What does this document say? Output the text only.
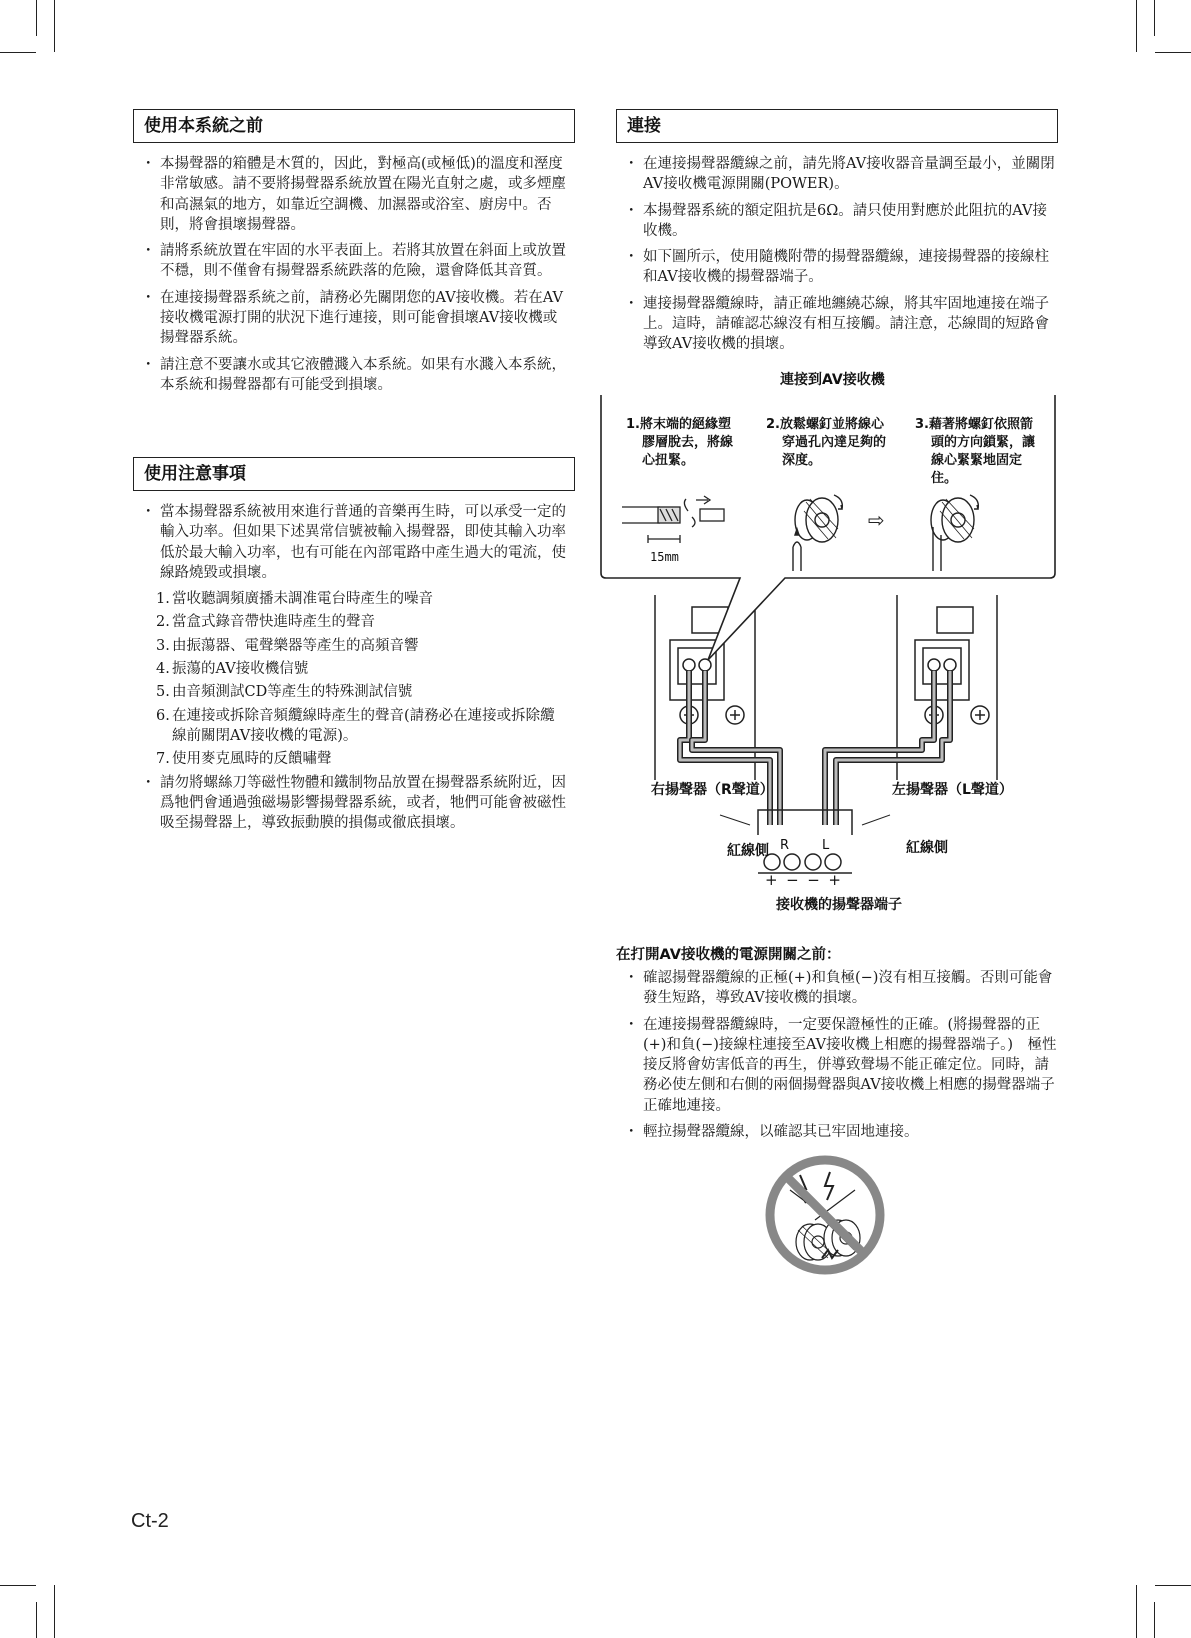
使用本系統之前
・ 本揚聲器的箱體是木質的，因此，對極高(或極低)的溫度和溼度非常敏感。請不要將揚聲器系統放置在陽光直射之處，或多煙塵和高濕氣的地方，如靠近空調機、加濕器或浴室、廚房中。否則，將會損壞揚聲器。
・ 請將系統放置在牢固的水平表面上。若將其放置在斜面上或放置不穩，則不僅會有揚聲器系統跌落的危險，還會降低其音質。
・ 在連接揚聲器系統之前，請務必先關閉您的AV接收機。若在AV接收機電源打開的狀況下進行連接，則可能會損壞AV接收機或揚聲器系統。
・ 請注意不要讓水或其它液體濺入本系統。如果有水濺入本系統，本系統和揚聲器都有可能受到損壞。
使用注意事項
・ 當本揚聲器系統被用來進行普通的音樂再生時，可以承受一定的輸入功率。但如果下述異常信號被輸入揚聲器，即使其輸入功率低於最大輸入功率，也有可能在內部電路中產生過大的電流，使線路燒毀或損壞。
1. 當收聽調頻廣播未調准電台時產生的噪音
2. 當盒式錄音帶快進時產生的聲音
3. 由振蕩器、電聲樂器等產生的高頻音響
4. 振蕩的AV接收機信號
5. 由音頻測試CD等產生的特殊測試信號
6. 在連接或拆除音頻纜線時產生的聲音(請務必在連接或拆除纜線前關閉AV接收機的電源)。
7. 使用麥克風時的反饋嘯聲
・ 請勿將螺絲刀等磁性物體和鐵制物品放置在揚聲器系統附近，因爲牠們會通過強磁場影響揚聲器系統，或者，牠們可能會被磁性吸至揚聲器上，導致振動膜的損傷或徹底損壞。
連接
・ 在連接揚聲器纜線之前，請先將AV接收器音量調至最小，並關閉AV接收機電源開關(POWER)。
・ 本揚聲器系統的額定阻抗是6Ω。請只使用對應於此阻抗的AV接收機。
・ 如下圖所示，使用隨機附帶的揚聲器纜線，連接揚聲器的接線柱和AV接收機的揚聲器端子。
・ 連接揚聲器纜線時，請正確地纏繞芯線，將其牢固地連接在端子上。這時，請確認芯線沒有相互接觸。請注意，芯線間的短路會導致AV接收機的損壞。
連接到AV接收機
R	L
+ − − +
15mm
⇨
1.將末端的絕緣塑
膠層脫去，將線
心扭緊。
2.放鬆螺釘並將線心
穿過孔內達足夠的
深度。
3.藉著將螺釘依照箭
頭的方向鎖緊，讓
線心緊緊地固定
住。
右揚聲器（R聲道）	左揚聲器（L聲道）
紅線側	紅線側
接收機的揚聲器端子
在打開AV接收機的電源開關之前：
・ 確認揚聲器纜線的正極(+)和負極(−)沒有相互接觸。否則可能會發生短路，導致AV接收機的損壞。
・ 在連接揚聲器纜線時，一定要保證極性的正確。(將揚聲器的正(+)和負(−)接線柱連接至AV接收機上相應的揚聲器端子。)　極性接反將會妨害低音的再生，併導致聲場不能正確定位。同時，請務必使左側和右側的兩個揚聲器與AV接收機上相應的揚聲器端子正確地連接。
・ 輕拉揚聲器纜線，以確認其已牢固地連接。
Ct-2
